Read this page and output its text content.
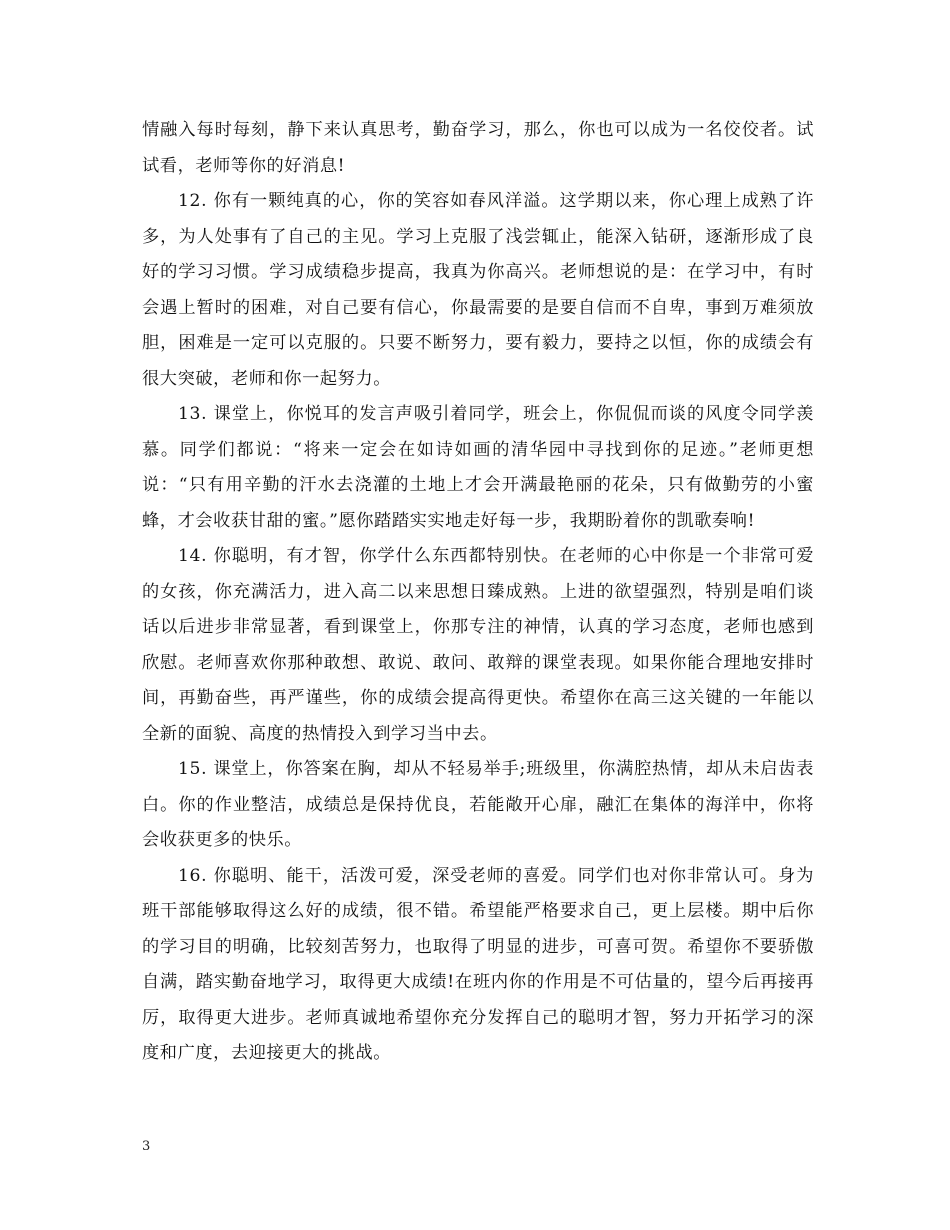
情融入每时每刻，静下来认真思考，勤奋学习，那么，你也可以成为一名佼佼者。试试看，老师等你的好消息!

12. 你有一颗纯真的心，你的笑容如春风洋溢。这学期以来，你心理上成熟了许多，为人处事有了自己的主见。学习上克服了浅尝辄止，能深入钻研，逐渐形成了良好的学习习惯。学习成绩稳步提高，我真为你高兴。老师想说的是：在学习中，有时会遇上暂时的困难，对自己要有信心，你最需要的是要自信而不自卑，事到万难须放胆，困难是一定可以克服的。只要不断努力，要有毅力，要持之以恒，你的成绩会有很大突破，老师和你一起努力。

13. 课堂上，你悦耳的发言声吸引着同学，班会上，你侃侃而谈的风度令同学羡慕。同学们都说：“将来一定会在如诗如画的清华园中寻找到你的足迹。”老师更想说：“只有用辛勤的汗水去浇灌的土地上才会开满最艳丽的花朵，只有做勤劳的小蜜蜂，才会收获甘甜的蜜。”愿你踏踏实实地走好每一步，我期盼着你的凯歌奏响!

14. 你聪明，有才智，你学什么东西都特别快。在老师的心中你是一个非常可爱的女孩，你充满活力，进入高二以来思想日臻成熟。上进的欲望强烈，特别是咱们谈话以后进步非常显著，看到课堂上，你那专注的神情，认真的学习态度，老师也感到欣慰。老师喜欢你那种敢想、敢说、敢问、敢辩的课堂表现。如果你能合理地安排时间，再勤奋些，再严谨些，你的成绩会提高得更快。希望你在高三这关键的一年能以全新的面貌、高度的热情投入到学习当中去。

15. 课堂上，你答案在胸，却从不轻易举手;班级里，你满腔热情，却从未启齿表白。你的作业整洁，成绩总是保持优良，若能敞开心扉，融汇在集体的海洋中，你将会收获更多的快乐。

16. 你聪明、能干，活泼可爱，深受老师的喜爱。同学们也对你非常认可。身为班干部能够取得这么好的成绩，很不错。希望能严格要求自己，更上层楼。期中后你的学习目的明确，比较刻苦努力，也取得了明显的进步，可喜可贺。希望你不要骄傲自满，踏实勤奋地学习，取得更大成绩!在班内你的作用是不可估量的，望今后再接再厉，取得更大进步。老师真诚地希望你充分发挥自己的聪明才智，努力开拓学习的深度和广度，去迎接更大的挑战。

3
